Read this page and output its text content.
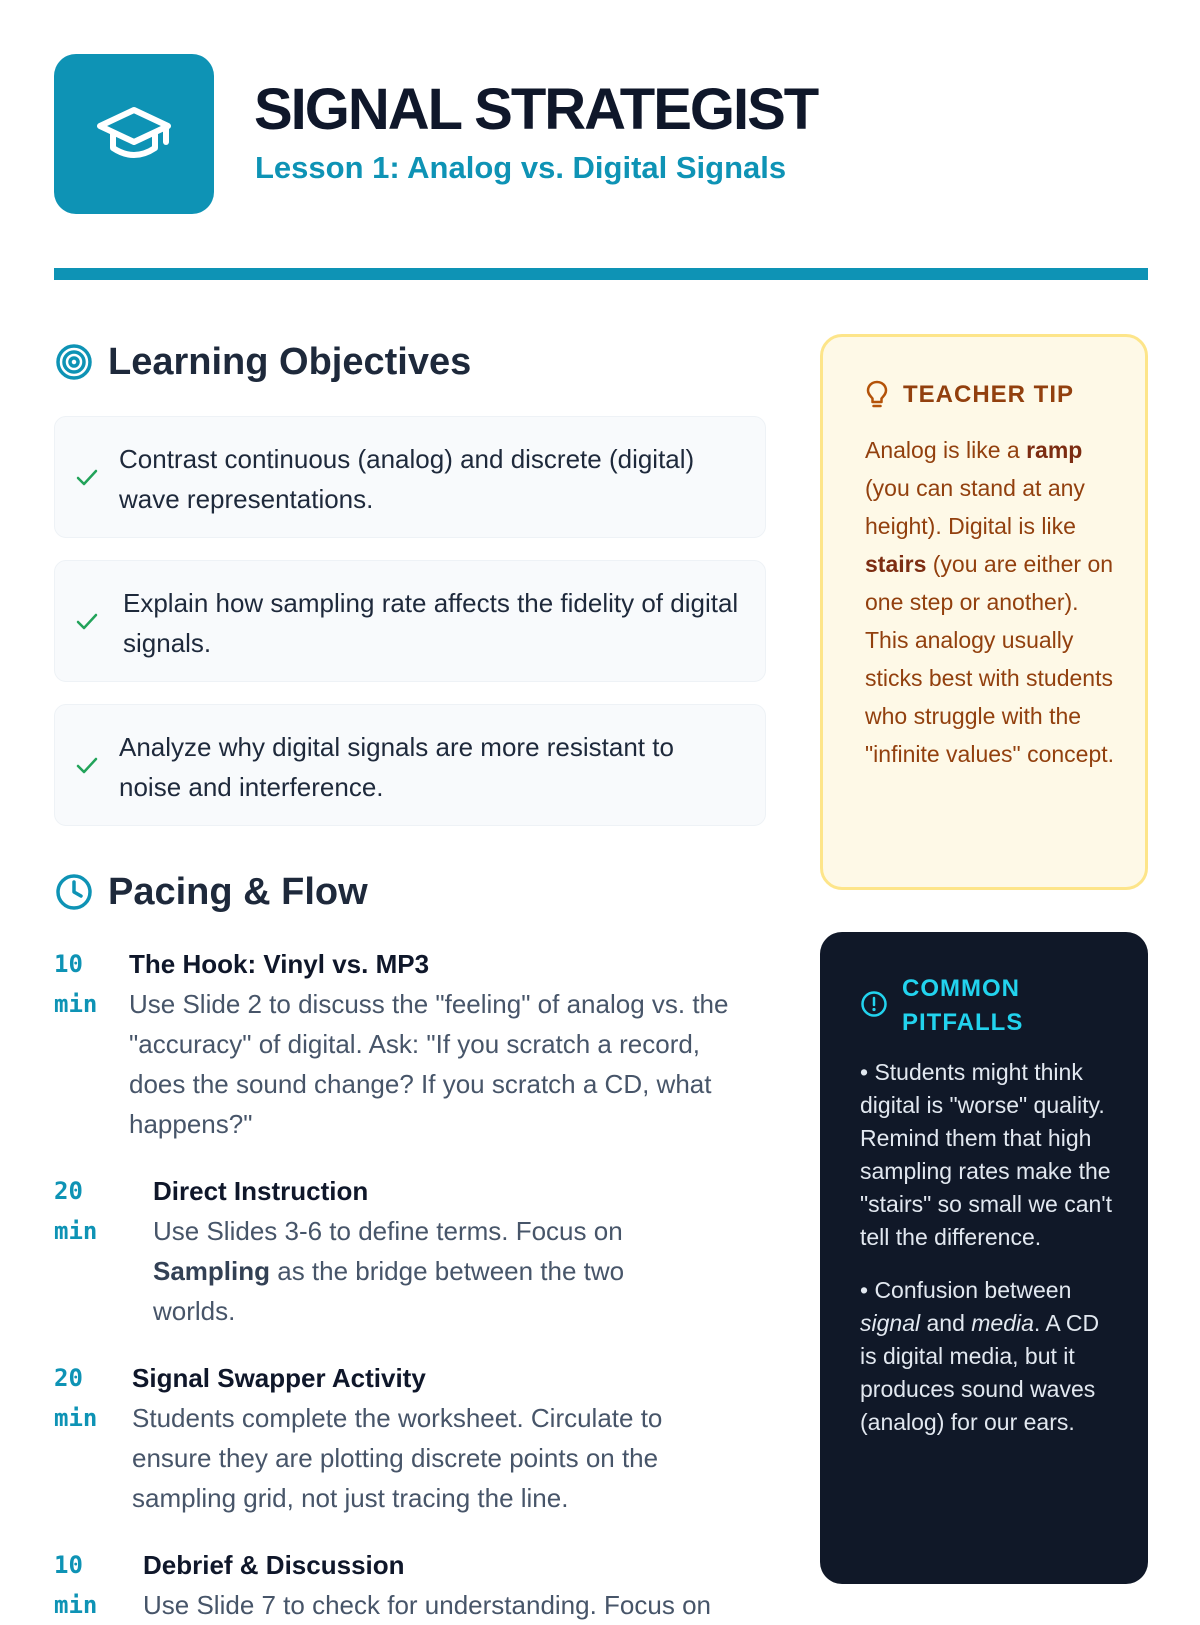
SIGNAL STRATEGIST
Lesson 1: Analog vs. Digital Signals
Learning Objectives
Contrast continuous (analog) and discrete (digital) wave representations.
Explain how sampling rate affects the fidelity of digital signals.
Analyze why digital signals are more resistant to noise and interference.
Pacing & Flow
10 min
The Hook: Vinyl vs. MP3
Use Slide 2 to discuss the "feeling" of analog vs. the "accuracy" of digital. Ask: "If you scratch a record, does the sound change? If you scratch a CD, what happens?"
20 min
Direct Instruction
Use Slides 3-6 to define terms. Focus on Sampling as the bridge between the two worlds.
20 min
Signal Swapper Activity
Students complete the worksheet. Circulate to ensure they are plotting discrete points on the sampling grid, not just tracing the line.
10 min
Debrief & Discussion
Use Slide 7 to check for understanding. Focus on
TEACHER TIP
Analog is like a ramp (you can stand at any height). Digital is like stairs (you are either on one step or another). This analogy usually sticks best with students who struggle with the "infinite values" concept.
COMMON PITFALLS
• Students might think digital is "worse" quality. Remind them that high sampling rates make the "stairs" so small we can't tell the difference.
• Confusion between signal and media. A CD is digital media, but it produces sound waves (analog) for our ears.
